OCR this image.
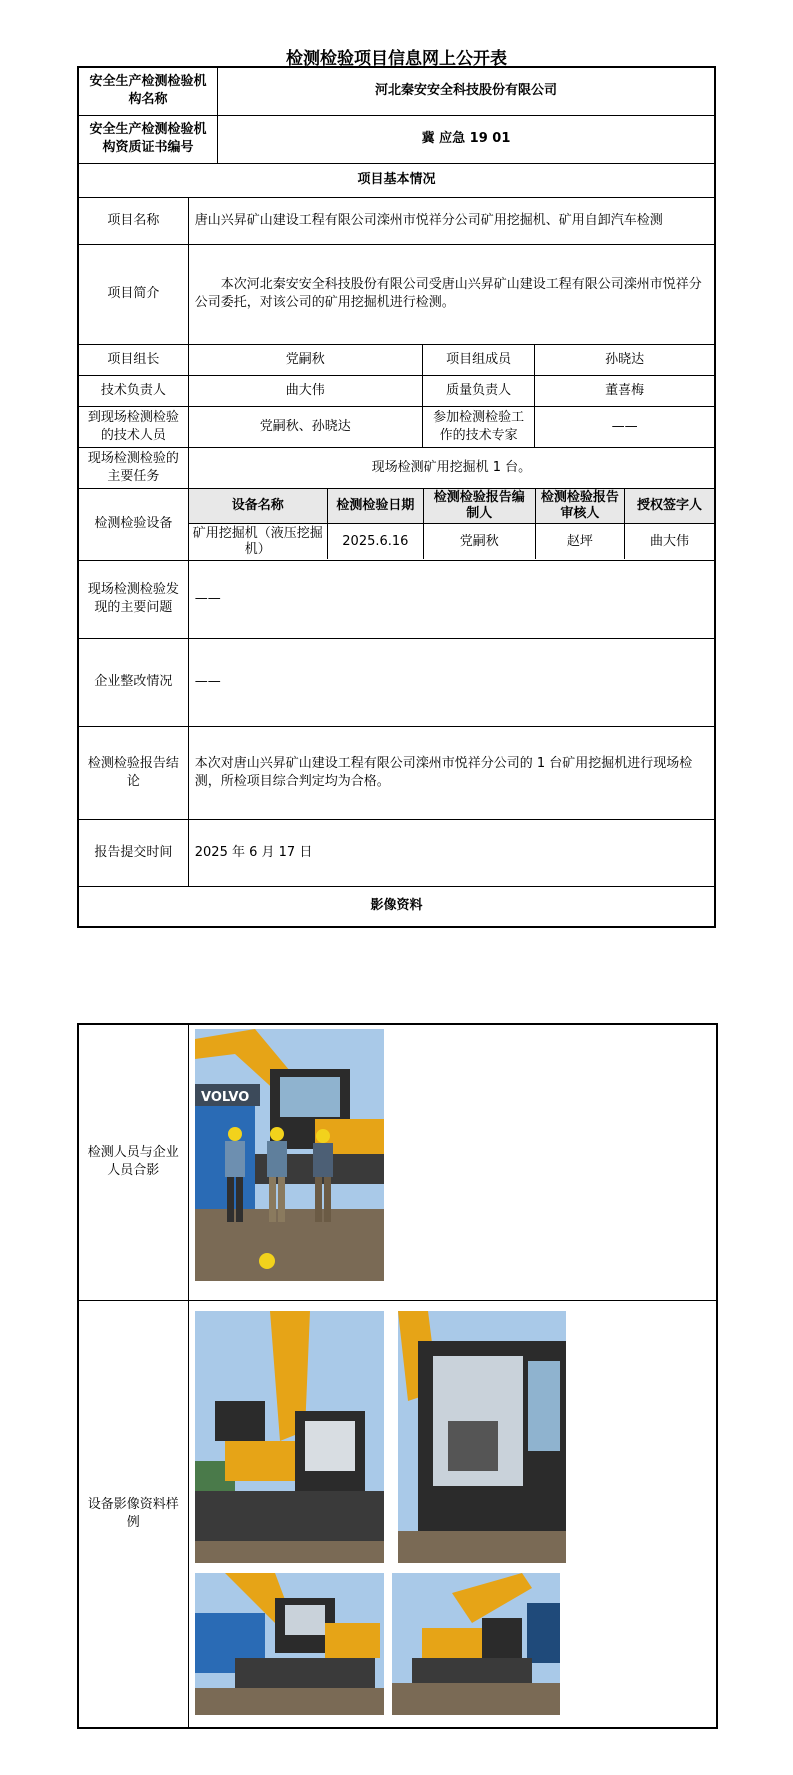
检测检验项目信息网上公开表
安全生产检测检验机构名称	河北秦安安全科技股份有限公司
安全生产检测检验机构资质证书编号	冀 应急 19 01
项目基本情况
项目名称	唐山兴昇矿山建设工程有限公司滦州市悦祥分公司矿用挖掘机、矿用自卸汽车检测
项目简介	本次河北秦安安全科技股份有限公司受唐山兴昇矿山建设工程有限公司滦州市悦祥分公司委托，对该公司的矿用挖掘机进行检测。
项目组长	党嗣秋	项目组成员	孙晓达
技术负责人	曲大伟	质量负责人	董喜梅
到现场检测检验的技术人员	党嗣秋、孙晓达	参加检测检验工作的技术专家	——
现场检测检验的主要任务	现场检测矿用挖掘机 1 台。
检测检验设备	
设备名称	检测检验日期	检测检验报告编制人	检测检验报告审核人	授权签字人
矿用挖掘机（液压挖掘机）	2025.6.16	党嗣秋	赵坪	曲大伟

现场检测检验发现的主要问题	——
企业整改情况	——
检测检验报告结论	本次对唐山兴昇矿山建设工程有限公司滦州市悦祥分公司的 1 台矿用挖掘机进行现场检测，所检项目综合判定均为合格。
报告提交时间	2025 年 6 月 17 日
影像资料
检测人员与企业人员合影	VOLVO

设备影像资料样例	
